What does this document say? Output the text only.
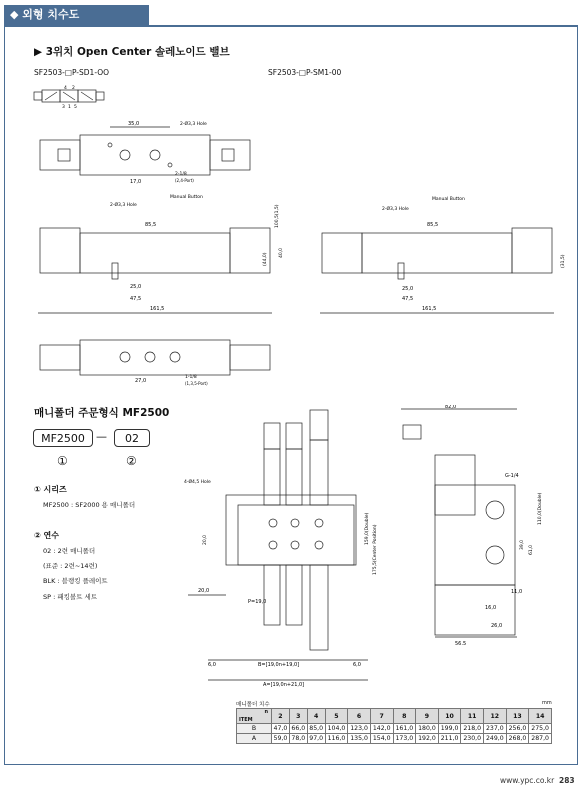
◆ 외형 치수도
▶ 3위치 Open Center 솔레노이드 밸브
SF2503-□P-SD1-OO	SF2503-□P-SM1-00
4 2
3 1 5
35,0	2-Ø3,3 Hole
17,0
2-1/8
(2,4-Port)
2-Ø3,3 Hole
Manual Button
85,5
25,0
47,5
161,5
100,5(1,5)
(44,0) 40,0
2-Ø3,3 Hole
Manual Button
85,5
25,0
47,5
161,5
(31,5)
27,0
1-1/8
(1,3,5-Port)
매니폴더 주문형식 MF2500
MF2500	—	02
①	②
① 시리즈
MF2500 : SF2000 용 매니폴더
② 연수
02 : 2련 매니폴더
(표준 : 2련~14련)
BLK : 블랭킹 플레이트
SP : 패킹볼트 세트
4-Ø4,5 Hole
20,0
20,0
P=19,0
6,0	6,0
B=[19,0n+19,0]
A=[19,0n+21,0]
159,0(Double) 175,5(Center Position)
82,0
G-1/4
110,0(Double)
39,0 61,0
11,0
16,0
26,0
56,5
매니폴더 치수	mm
n
ITEM	2	3	4	5	6	7	8	9	10	11	12	13	14
B	47,0	66,0	85,0	104,0	123,0	142,0	161,0	180,0	199,0	218,0	237,0	256,0	275,0
A	59,0	78,0	97,0	116,0	135,0	154,0	173,0	192,0	211,0	230,0	249,0	268,0	287,0
www.ypc.co.kr 283
